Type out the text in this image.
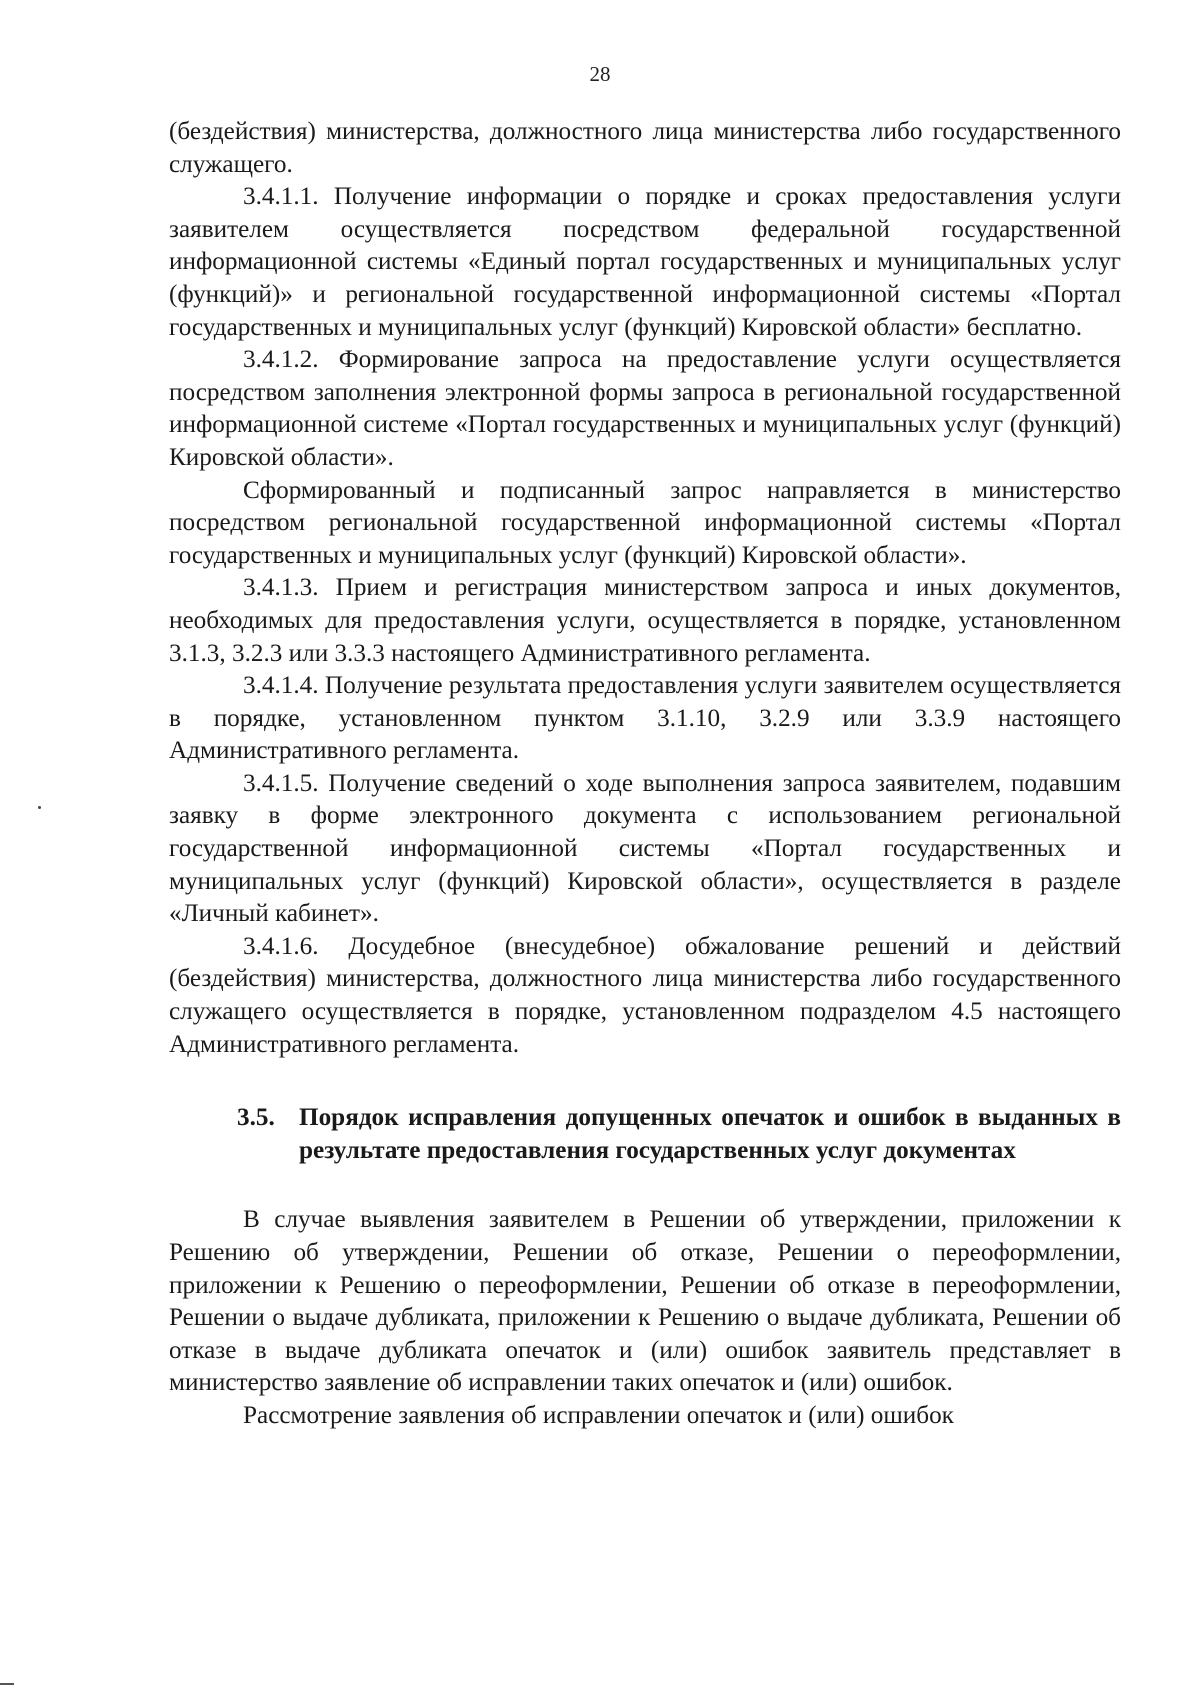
28

(бездействия) министерства, должностного лица министерства либо государственного служащего.

3.4.1.1. Получение информации о порядке и сроках предоставления услуги заявителем осуществляется посредством федеральной государственной информационной системы «Единый портал государственных и муниципальных услуг (функций)» и региональной государственной информационной системы «Портал государственных и муниципальных услуг (функций) Кировской области» бесплатно.

3.4.1.2. Формирование запроса на предоставление услуги осуществляется посредством заполнения электронной формы запроса в региональной государственной информационной системе «Портал государственных и муниципальных услуг (функций) Кировской области».

Сформированный и подписанный запрос направляется в министерство посредством региональной государственной информационной системы «Портал государственных и муниципальных услуг (функций) Кировской области».

3.4.1.3. Прием и регистрация министерством запроса и иных документов, необходимых для предоставления услуги, осуществляется в порядке, установленном 3.1.3, 3.2.3 или 3.3.3 настоящего Административного регламента.

3.4.1.4. Получение результата предоставления услуги заявителем осуществляется в порядке, установленном пунктом 3.1.10, 3.2.9 или 3.3.9 настоящего Административного регламента.

3.4.1.5. Получение сведений о ходе выполнения запроса заявителем, подавшим заявку в форме электронного документа с использованием региональной государственной информационной системы «Портал государственных и муниципальных услуг (функций) Кировской области», осуществляется в разделе «Личный кабинет».

3.4.1.6. Досудебное (внесудебное) обжалование решений и действий (бездействия) министерства, должностного лица министерства либо государственного служащего осуществляется в порядке, установленном подразделом 4.5 настоящего Административного регламента.

3.5. Порядок исправления допущенных опечаток и ошибок в выданных в результате предоставления государственных услуг документах

В случае выявления заявителем в Решении об утверждении, приложении к Решению об утверждении, Решении об отказе, Решении о переоформлении, приложении к Решению о переоформлении, Решении об отказе в переоформлении, Решении о выдаче дубликата, приложении к Решению о выдаче дубликата, Решении об отказе в выдаче дубликата опечаток и (или) ошибок заявитель представляет в министерство заявление об исправлении таких опечаток и (или) ошибок.

Рассмотрение заявления об исправлении опечаток и (или) ошибок
